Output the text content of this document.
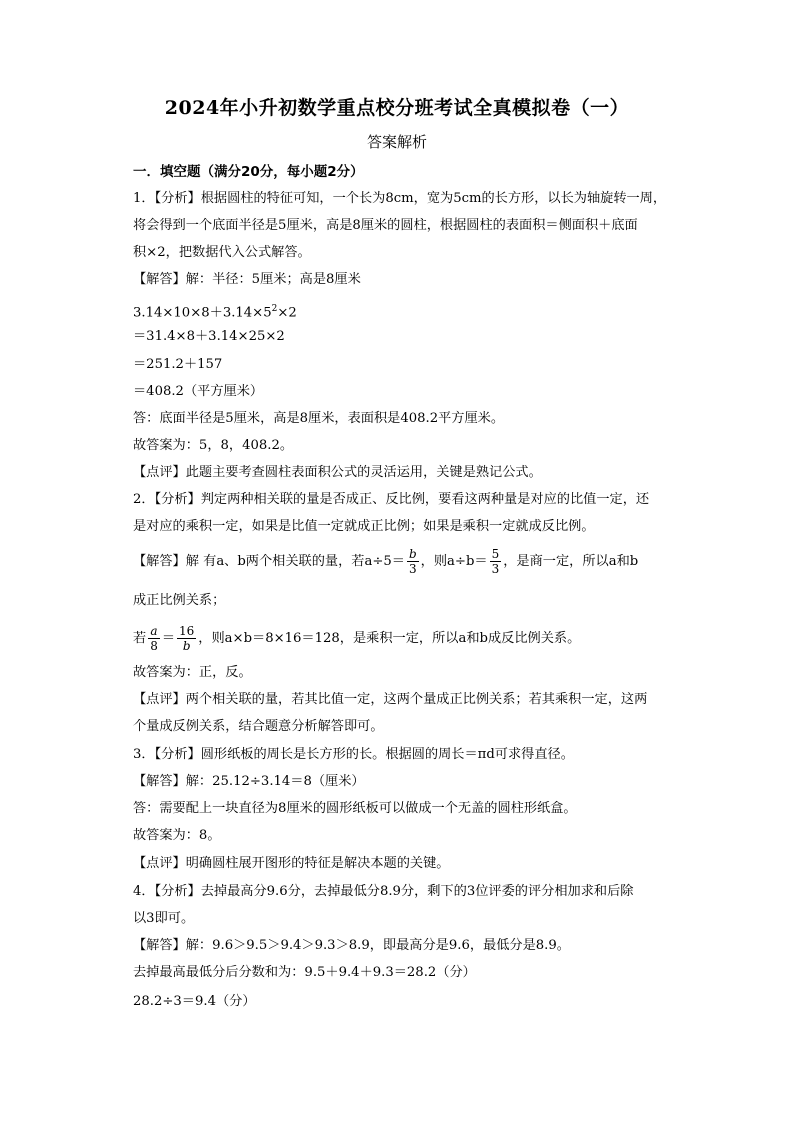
2024年小升初数学重点校分班考试全真模拟卷（一）
答案解析
一．填空题（满分20分，每小题2分）
1．【分析】根据圆柱的特征可知，一个长为8cm，宽为5cm的长方形，以长为轴旋转一周，
将会得到一个底面半径是5厘米，高是8厘米的圆柱，根据圆柱的表面积＝侧面积＋底面
积×2，把数据代入公式解答。
【解答】解：半径：5厘米；高是8厘米
$3.14\times 10\times 8+3.14\times 5^2\times 2$
＝31.4×8＋3.14×25×2
＝251.2＋157
＝408.2（平方厘米）
答：底面半径是5厘米，高是8厘米，表面积是408.2平方厘米。
故答案为：5，8，408.2。
【点评】此题主要考查圆柱表面积公式的灵活运用，关键是熟记公式。
2．【分析】判定两种相关联的量是否成正、反比例，要看这两种量是对应的比值一定，还
是对应的乘积一定，如果是比值一定就成正比例；如果是乘积一定就成反比例。
【解答】解 有a、b两个相关联的量，若$a\div 5= \frac{b}{3}$ ，则$a\div b= \frac{5}{3}$ ，是商一定，所以a和b
成正比例关系；
若 $\frac{a}{8} = \frac{16}{b}$ ，则a×b＝8×16＝128，是乘积一定，所以a和b成反比例关系。
故答案为：正，反。
【点评】两个相关联的量，若其比值一定，这两个量成正比例关系；若其乘积一定，这两
个量成反例关系，结合题意分析解答即可。
3．【分析】圆形纸板的周长是长方形的长。根据圆的周长＝πd可求得直径。
【解答】解：25.12÷3.14＝8（厘米）
答：需要配上一块直径为8厘米的圆形纸板可以做成一个无盖的圆柱形纸盒。
故答案为：8。
【点评】明确圆柱展开图形的特征是解决本题的关键。
4．【分析】去掉最高分9.6分，去掉最低分8.9分，剩下的3位评委的评分相加求和后除
以3即可。
【解答】解：9.6＞9.5＞9.4＞9.3＞8.9，即最高分是9.6，最低分是8.9。
去掉最高最低分后分数和为：9.5＋9.4＋9.3＝28.2（分）
28.2÷3＝9.4（分）
